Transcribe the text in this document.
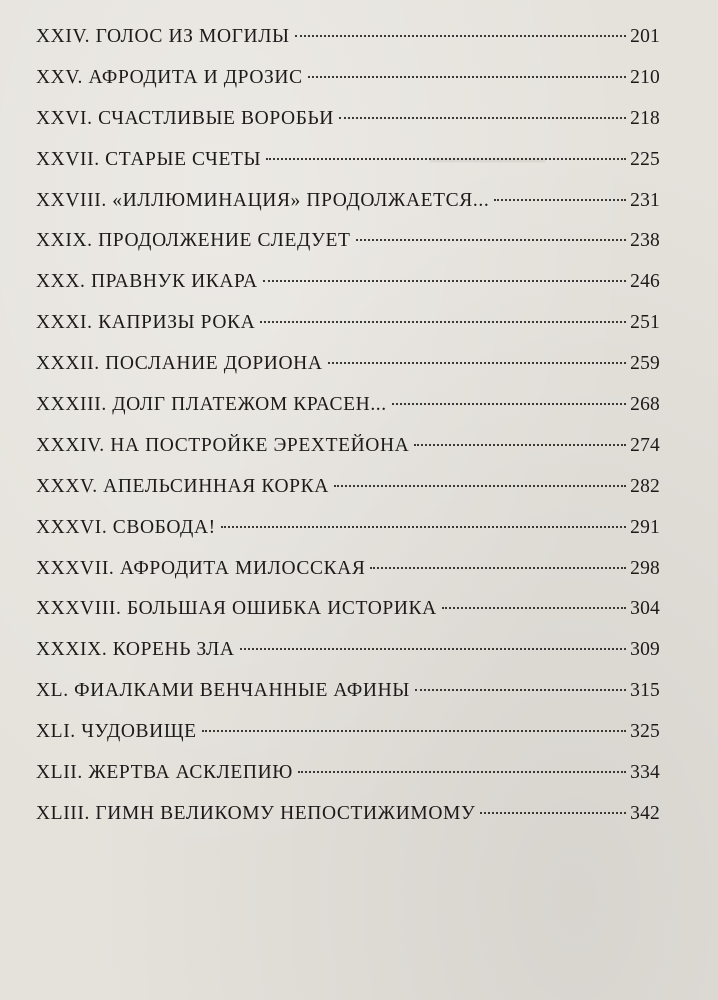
▁▁▁▁▁
XXIV. ГОЛОС ИЗ МОГИЛЫ	201
XXV. АФРОДИТА И ДРОЗИС	210
XXVI. СЧАСТЛИВЫЕ ВОРОБЬИ	218
XXVII. СТАРЫЕ СЧЕТЫ	225
XXVIII. «ИЛЛЮМИНАЦИЯ» ПРОДОЛЖАЕТСЯ...	231
XXIX. ПРОДОЛЖЕНИЕ СЛЕДУЕТ	238
XXX. ПРАВНУК ИКАРА	246
XXXI. КАПРИЗЫ РОКА	251
XXXII. ПОСЛАНИЕ ДОРИОНА	259
XXXIII. ДОЛГ ПЛАТЕЖОМ КРАСЕН...	268
XXXIV. НА ПОСТРОЙКЕ ЭРЕХТЕЙОНА	274
XXXV. АПЕЛЬСИННАЯ КОРКА	282
XXXVI. СВОБОДА!	291
XXXVII. АФРОДИТА МИЛОССКАЯ	298
XXXVIII. БОЛЬШАЯ ОШИБКА ИСТОРИКА	304
XXXIX. КОРЕНЬ ЗЛА	309
XL. ФИАЛКАМИ ВЕНЧАННЫЕ АФИНЫ	315
XLI. ЧУДОВИЩЕ	325
XLII. ЖЕРТВА АСКЛЕПИЮ	334
XLIII. ГИМН ВЕЛИКОМУ НЕПОСТИЖИМОМУ	342
